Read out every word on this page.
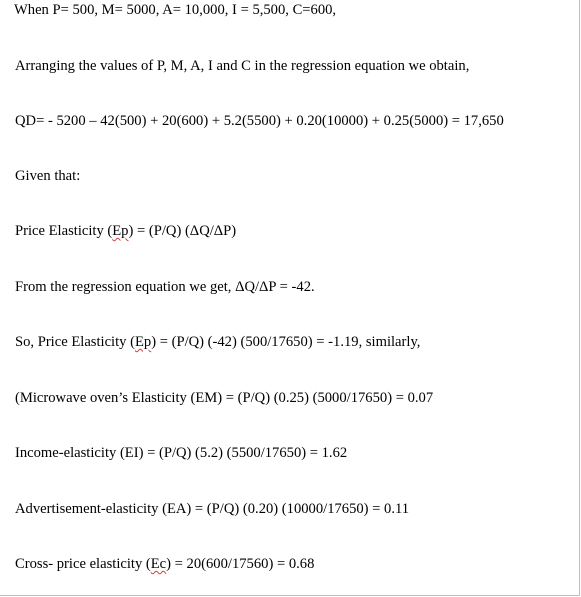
When P= 500, M= 5000, A= 10,000, I = 5,500, C=600,
Arranging the values of P, M, A, I and C in the regression equation we obtain,
QD= - 5200 – 42(500) + 20(600) + 5.2(5500) + 0.20(10000) + 0.25(5000) = 17,650
Given that:
Price Elasticity (Ep) = (P/Q) (ΔQ/ΔP)
From the regression equation we get, ΔQ/ΔP = -42.
So, Price Elasticity (Ep) = (P/Q) (-42) (500/17650) = -1.19, similarly,
(Microwave oven’s Elasticity (EM) = (P/Q) (0.25) (5000/17650) = 0.07
Income-elasticity (EI) = (P/Q) (5.2) (5500/17650) = 1.62
Advertisement-elasticity (EA) = (P/Q) (0.20) (10000/17650) = 0.11
Cross- price elasticity (Ec) = 20(600/17560) = 0.68
